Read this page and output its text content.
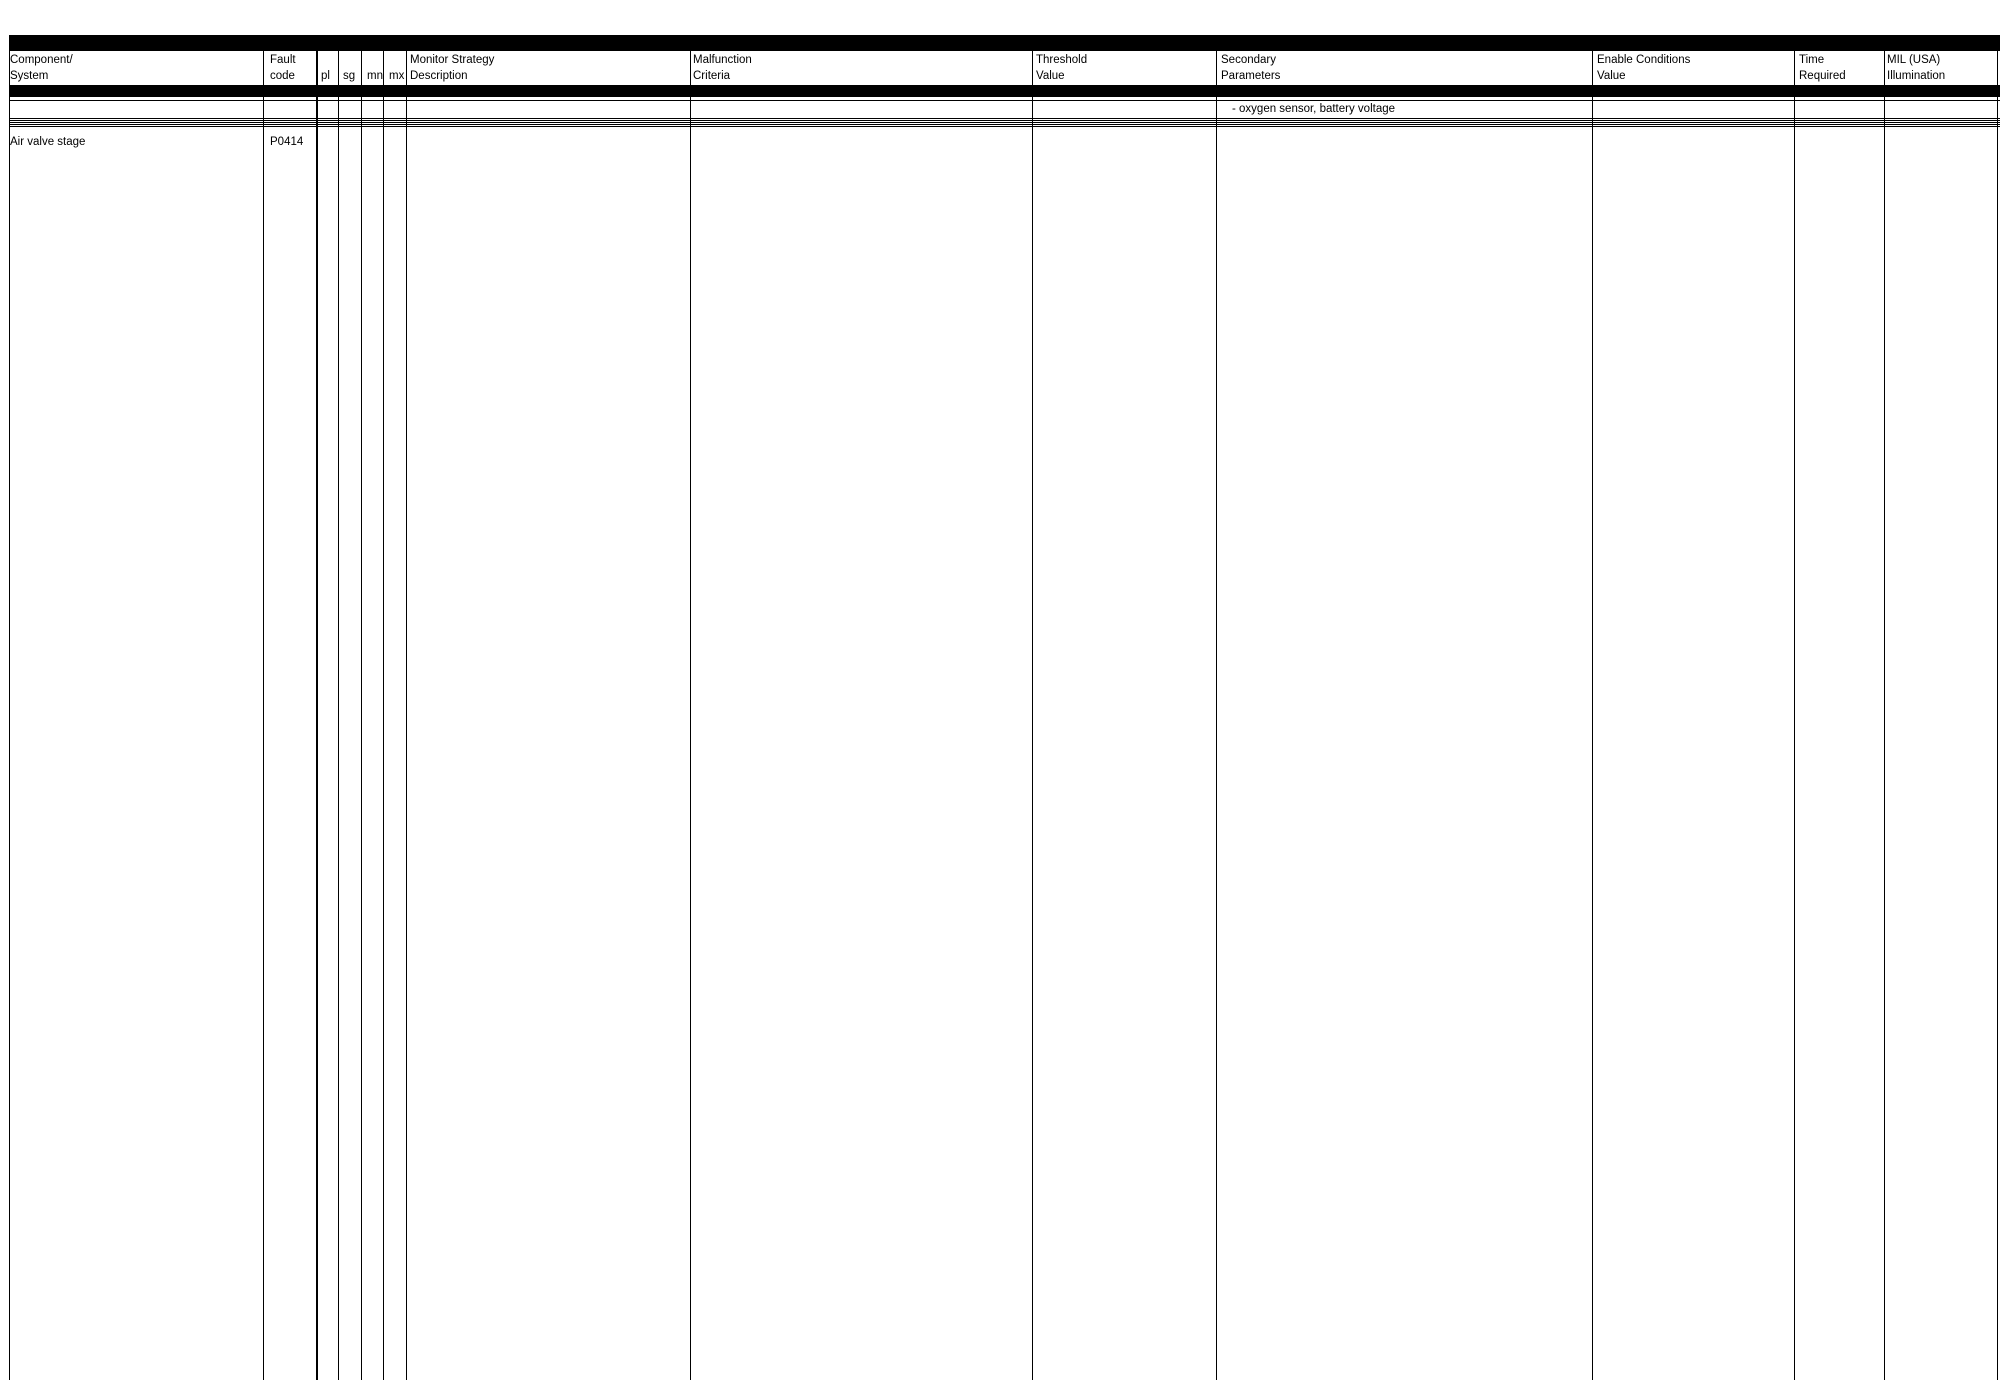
Component/
System
Fault
code pl sg mn mx
Monitor Strategy
Description
Malfunction
Criteria
Threshold
Value
Secondary
Parameters
Enable Conditions
Value
Time
Required
MIL (USA)
Illumination
- oxygen sensor, battery voltage
Air valve stage	P0414
